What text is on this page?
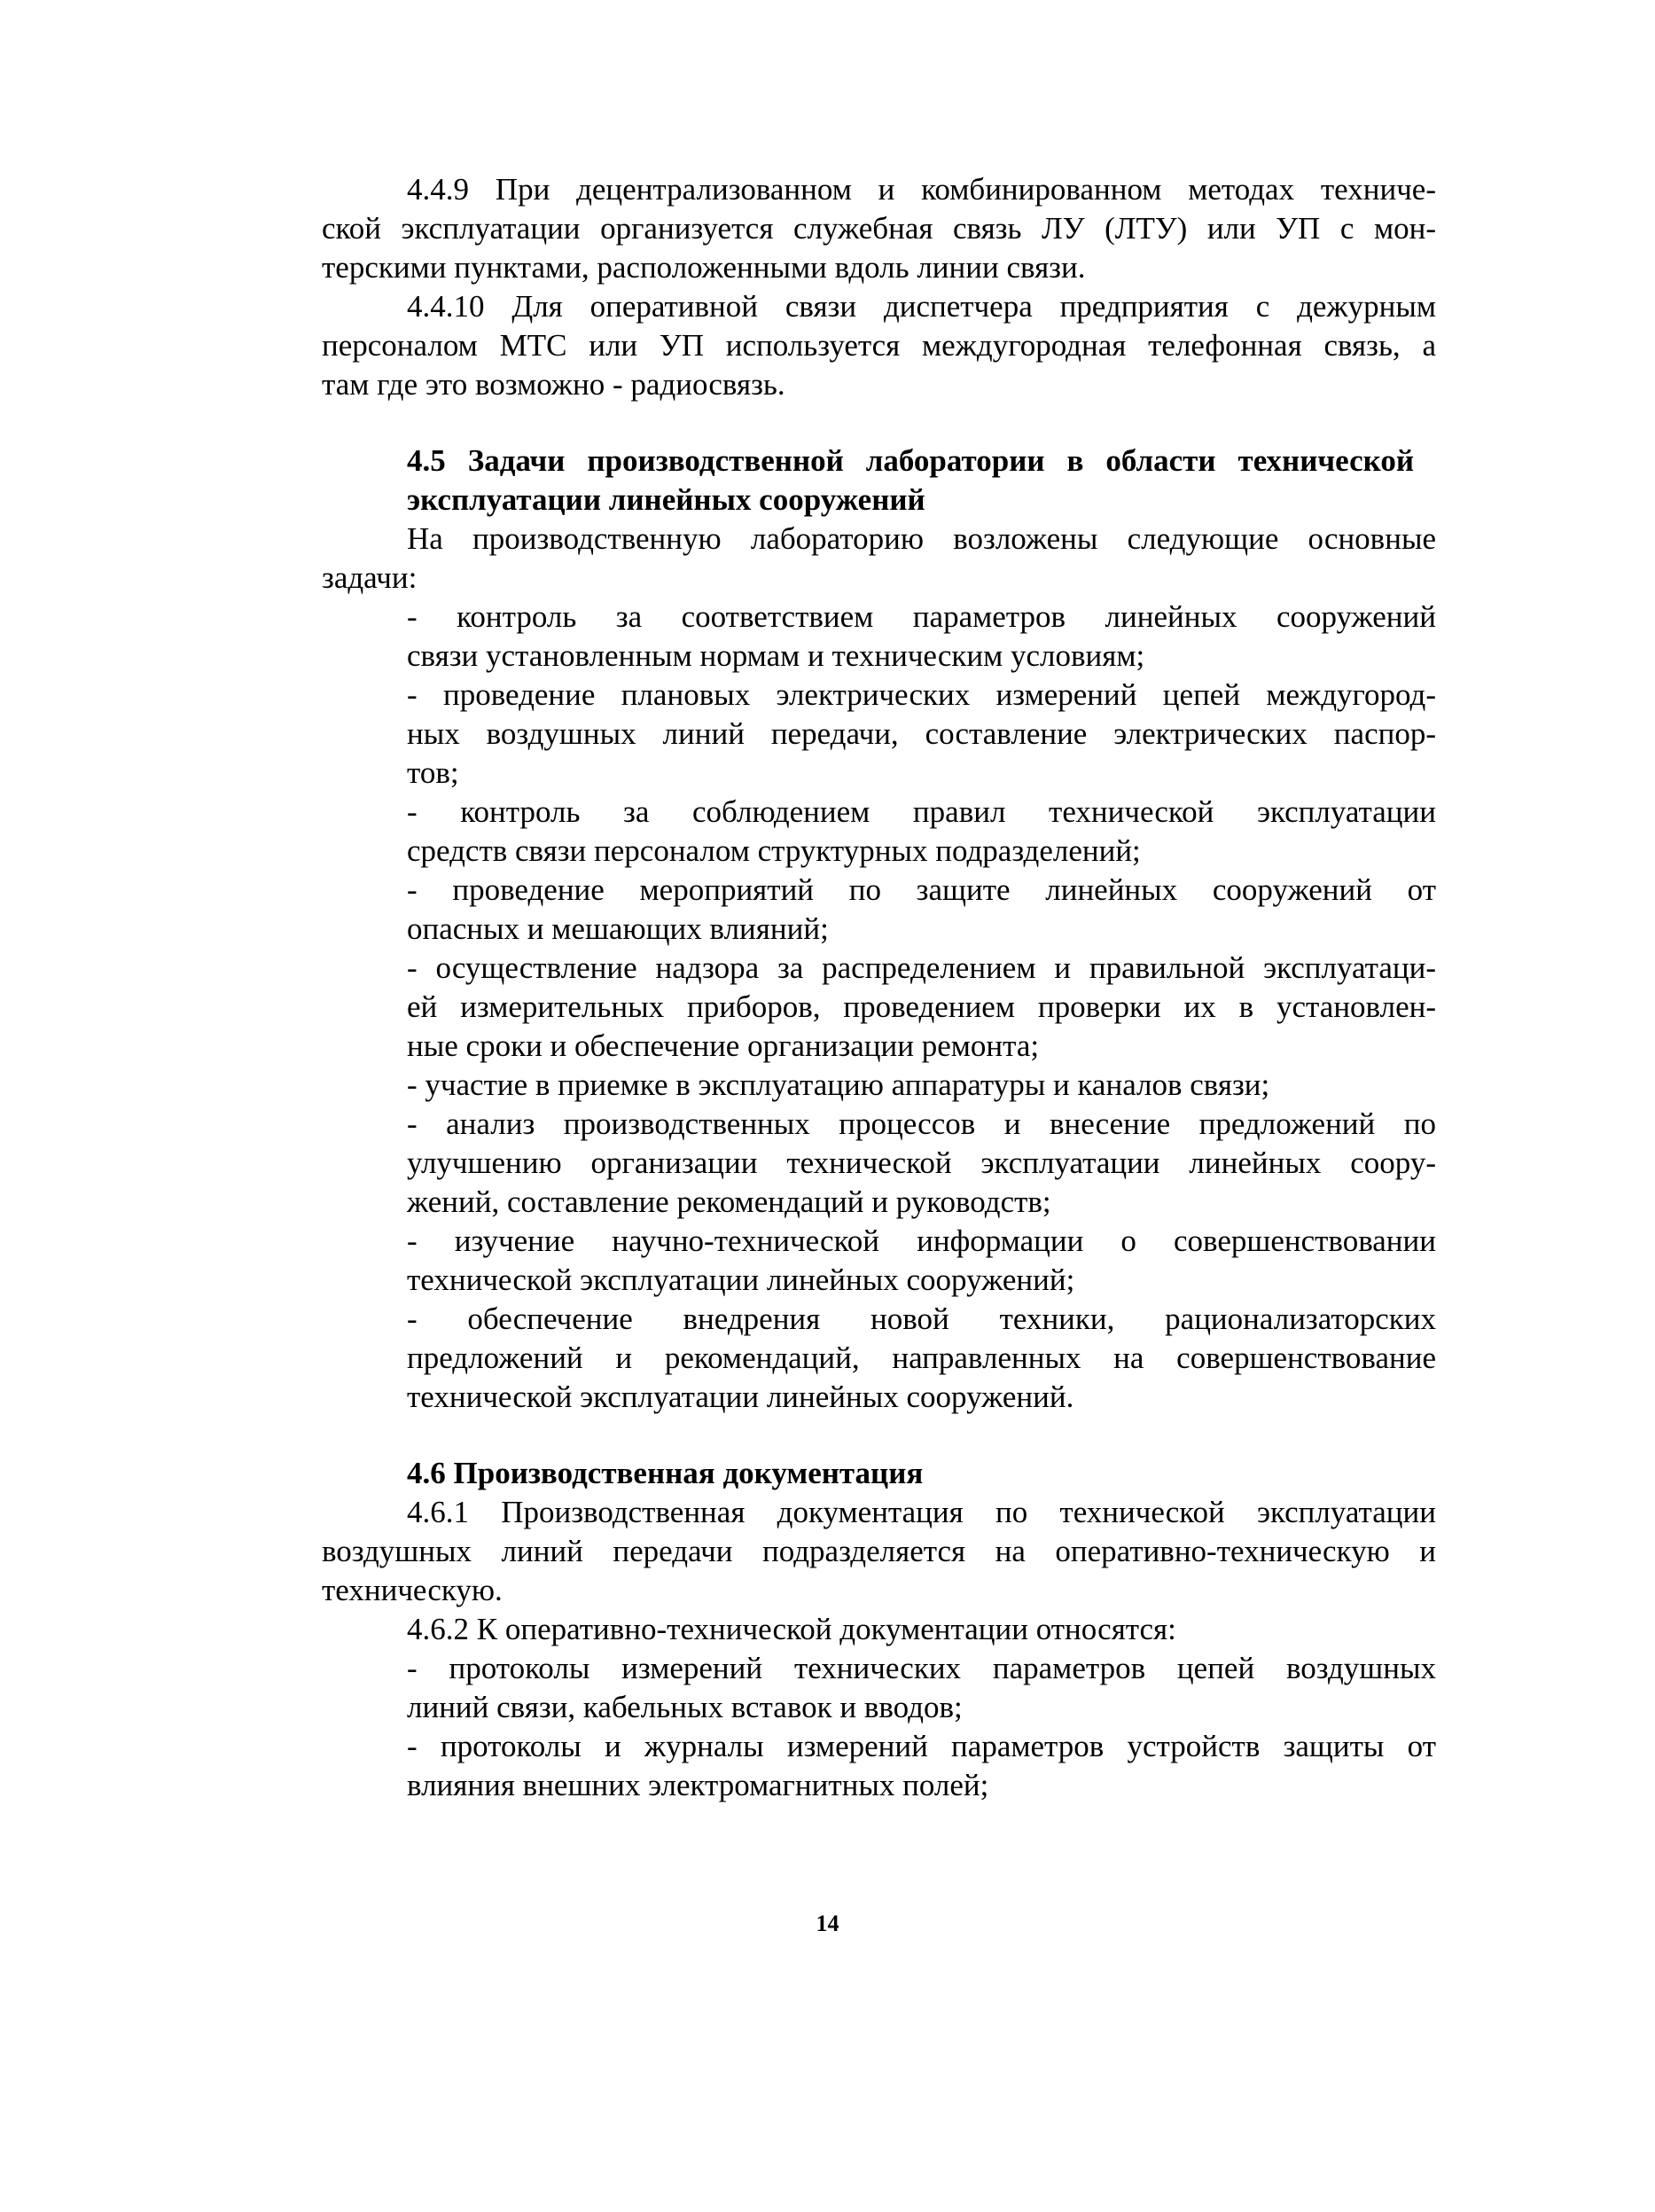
4.4.9 При децентрализованном и комбинированном методах техниче-
ской эксплуатации организуется служебная связь ЛУ (ЛТУ) или УП с мон-
терскими пунктами, расположенными вдоль линии связи.
4.4.10 Для оперативной связи диспетчера предприятия с дежурным
персоналом МТС или УП используется междугородная телефонная связь, а
там где это возможно - радиосвязь.
4.5 Задачи производственной лаборатории в области технической
эксплуатации линейных сооружений
На производственную лабораторию возложены следующие основные
задачи:
- контроль за соответствием параметров линейных сооружений
связи установленным нормам и техническим условиям;
- проведение плановых электрических измерений цепей междугород-
ных воздушных линий передачи, составление электрических паспор-
тов;
- контроль за соблюдением правил технической эксплуатации
средств связи персоналом структурных подразделений;
- проведение мероприятий по защите линейных сооружений от
опасных и мешающих влияний;
- осуществление надзора за распределением и правильной эксплуатаци-
ей измерительных приборов, проведением проверки их в установлен-
ные сроки и обеспечение организации ремонта;
- участие в приемке в эксплуатацию аппаратуры и каналов связи;
- анализ производственных процессов и внесение предложений по
улучшению организации технической эксплуатации линейных соору-
жений, составление рекомендаций и руководств;
- изучение научно-технической информации о совершенствовании
технической эксплуатации линейных сооружений;
- обеспечение внедрения новой техники, рационализаторских
предложений и рекомендаций, направленных на совершенствование
технической эксплуатации линейных сооружений.
4.6 Производственная документация
4.6.1 Производственная документация по технической эксплуатации
воздушных линий передачи подразделяется на оперативно-техническую и
техническую.
4.6.2 К оперативно-технической документации относятся:
- протоколы измерений технических параметров цепей воздушных
линий связи, кабельных вставок и вводов;
- протоколы и журналы измерений параметров устройств защиты от
влияния внешних электромагнитных полей;
14
